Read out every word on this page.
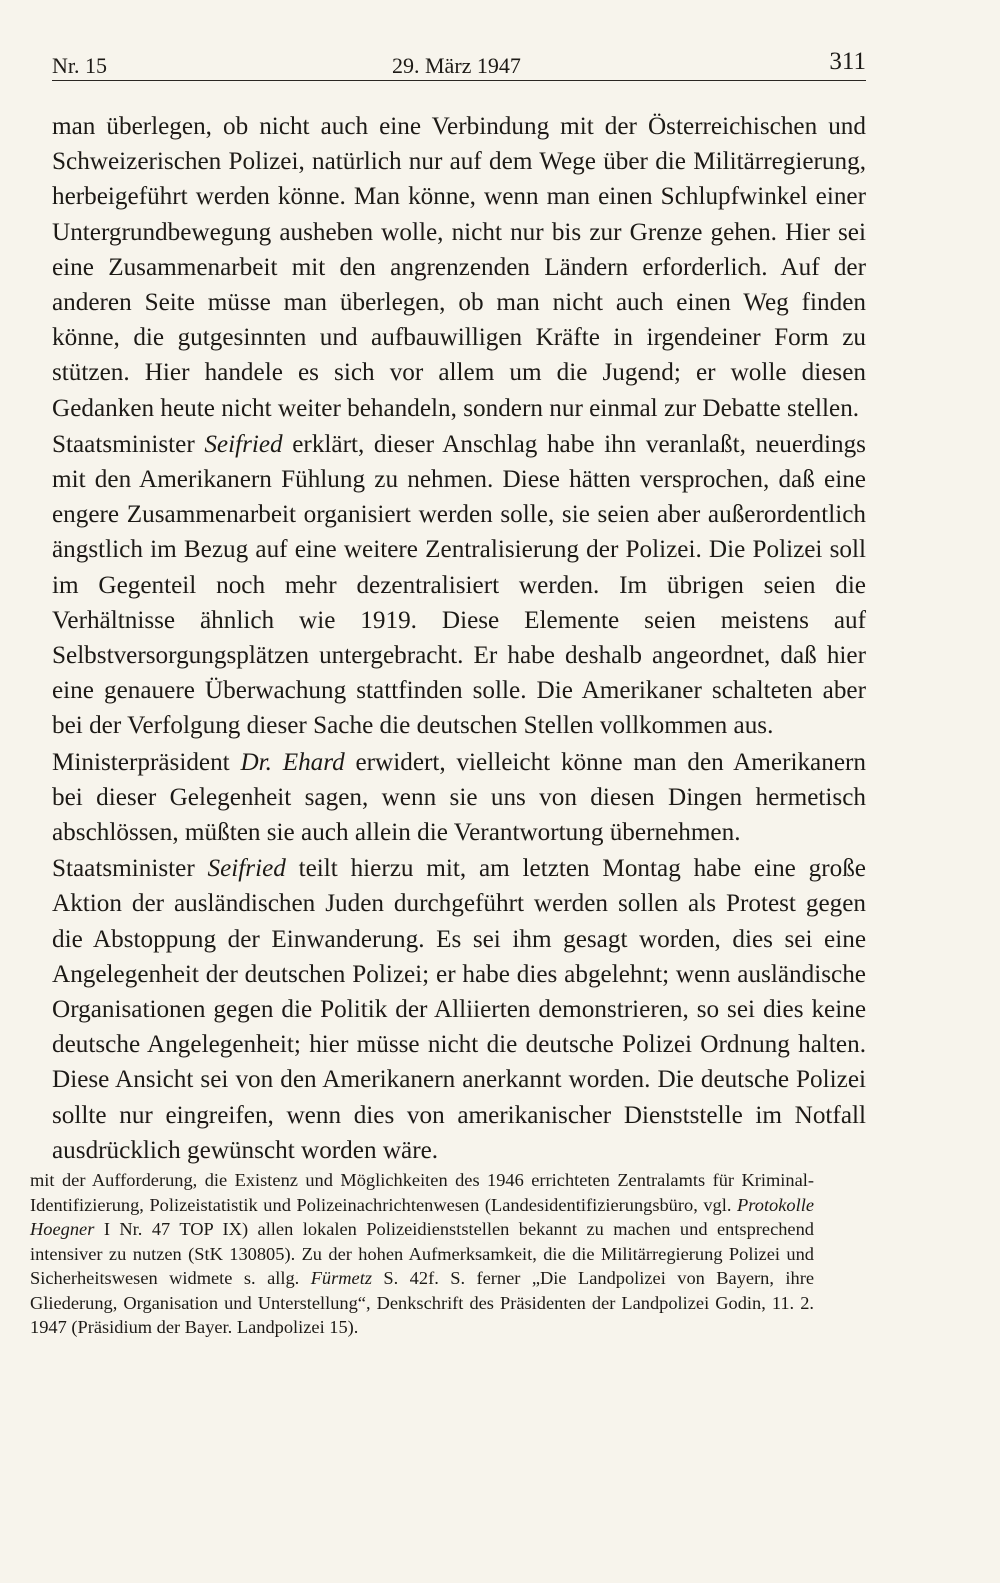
Nr. 15	29. März 1947	311

man überlegen, ob nicht auch eine Verbindung mit der Österreichischen und Schweizerischen Polizei, natürlich nur auf dem Wege über die Militärregierung, herbeigeführt werden könne. Man könne, wenn man einen Schlupfwinkel einer Untergrundbewegung ausheben wolle, nicht nur bis zur Grenze gehen. Hier sei eine Zusammenarbeit mit den angrenzenden Ländern erforderlich. Auf der anderen Seite müsse man überlegen, ob man nicht auch einen Weg finden könne, die gutgesinnten und aufbauwilligen Kräfte in irgendeiner Form zu stützen. Hier handele es sich vor allem um die Jugend; er wolle diesen Gedanken heute nicht weiter behandeln, sondern nur einmal zur Debatte stellen.

Staatsminister Seifried erklärt, dieser Anschlag habe ihn veranlaßt, neuerdings mit den Amerikanern Fühlung zu nehmen. Diese hätten versprochen, daß eine engere Zusammenarbeit organisiert werden solle, sie seien aber außerordentlich ängstlich im Bezug auf eine weitere Zentralisierung der Polizei. Die Polizei soll im Gegenteil noch mehr dezentralisiert werden. Im übrigen seien die Verhältnisse ähnlich wie 1919. Diese Elemente seien meistens auf Selbstversorgungsplätzen untergebracht. Er habe deshalb angeordnet, daß hier eine genauere Überwachung stattfinden solle. Die Amerikaner schalteten aber bei der Verfolgung dieser Sache die deutschen Stellen vollkommen aus.

Ministerpräsident Dr. Ehard erwidert, vielleicht könne man den Amerikanern bei dieser Gelegenheit sagen, wenn sie uns von diesen Dingen hermetisch abschlössen, müßten sie auch allein die Verantwortung übernehmen.

Staatsminister Seifried teilt hierzu mit, am letzten Montag habe eine große Aktion der ausländischen Juden durchgeführt werden sollen als Protest gegen die Abstoppung der Einwanderung. Es sei ihm gesagt worden, dies sei eine Angelegenheit der deutschen Polizei; er habe dies abgelehnt; wenn ausländische Organisationen gegen die Politik der Alliierten demonstrieren, so sei dies keine deutsche Angelegenheit; hier müsse nicht die deutsche Polizei Ordnung halten. Diese Ansicht sei von den Amerikanern anerkannt worden. Die deutsche Polizei sollte nur eingreifen, wenn dies von amerikanischer Dienststelle im Notfall ausdrücklich gewünscht worden wäre.

mit der Aufforderung, die Existenz und Möglichkeiten des 1946 errichteten Zentralamts für Kriminal-Identifizierung, Polizeistatistik und Polizeinachrichtenwesen (Landesidentifizierungsbüro, vgl. Protokolle Hoegner I Nr. 47 TOP IX) allen lokalen Polizeidienststellen bekannt zu machen und entsprechend intensiver zu nutzen (StK 130805). Zu der hohen Aufmerksamkeit, die die Militärregierung Polizei und Sicherheitswesen widmete s. allg. Fürmetz S. 42f. S. ferner „Die Landpolizei von Bayern, ihre Gliederung, Organisation und Unterstellung“, Denkschrift des Präsidenten der Landpolizei Godin, 11. 2. 1947 (Präsidium der Bayer. Landpolizei 15).
